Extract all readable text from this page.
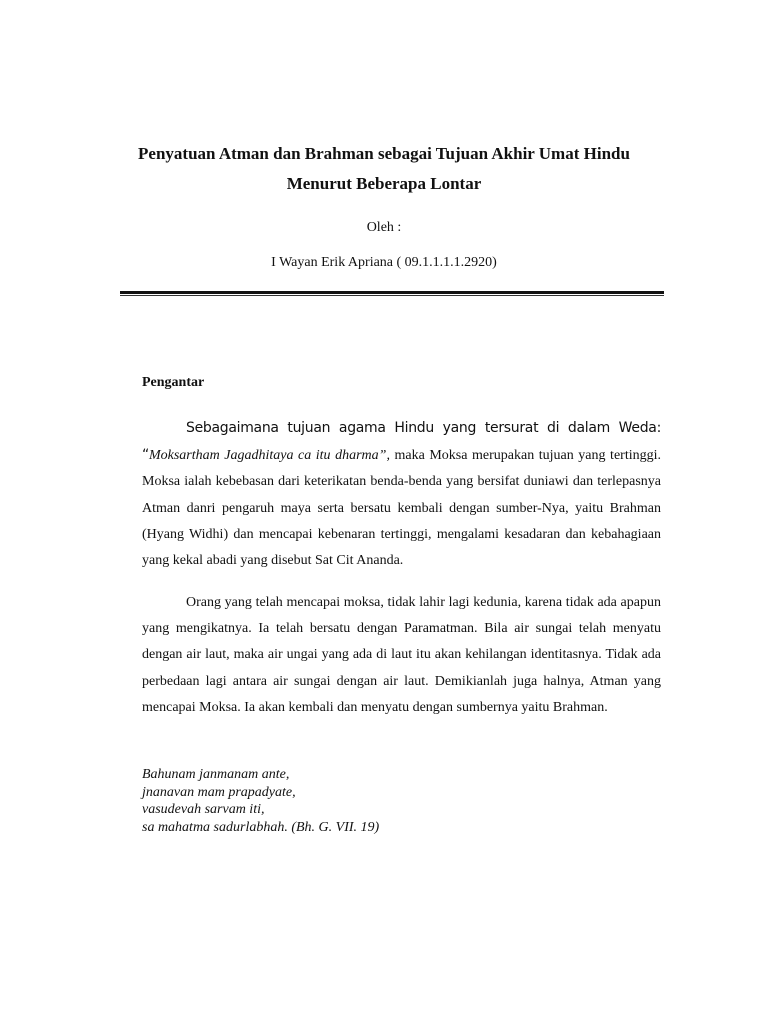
Penyatuan Atman dan Brahman sebagai Tujuan Akhir Umat Hindu
Menurut Beberapa Lontar
Oleh :
I Wayan Erik Apriana ( 09.1.1.1.1.2920)
Pengantar

Sebagaimana tujuan agama Hindu yang tersurat di dalam Weda: “Moksartham Jagadhitaya ca itu dharma”, maka Moksa merupakan tujuan yang tertinggi. Moksa ialah kebebasan dari keterikatan benda-benda yang bersifat duniawi dan terlepasnya Atman danri pengaruh maya serta bersatu kembali dengan sumber-Nya, yaitu Brahman (Hyang Widhi) dan mencapai kebenaran tertinggi, mengalami kesadaran dan kebahagiaan yang kekal abadi yang disebut Sat Cit Ananda.

Orang yang telah mencapai moksa, tidak lahir lagi kedunia, karena tidak ada apapun yang mengikatnya. Ia telah bersatu dengan Paramatman. Bila air sungai telah menyatu dengan air laut, maka air ungai yang ada di laut itu akan kehilangan identitasnya. Tidak ada perbedaan lagi antara air sungai dengan air laut. Demikianlah juga halnya, Atman yang mencapai Moksa. Ia akan kembali dan menyatu dengan sumbernya yaitu Brahman.

Bahunam janmanam ante,
jnanavan mam prapadyate,
vasudevah sarvam iti,
sa mahatma sadurlabhah. (Bh. G. VII. 19)
